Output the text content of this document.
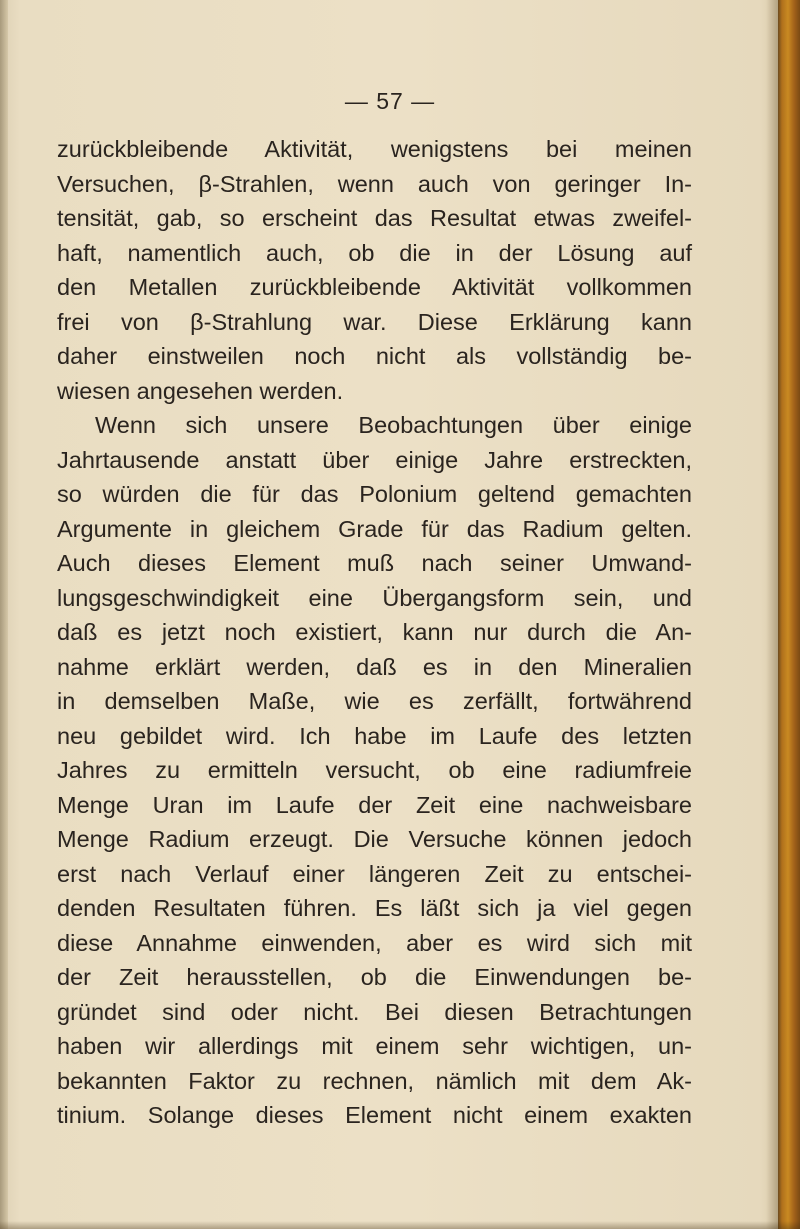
— 57 —
zurückbleibende Aktivität, wenigstens bei meinen
Versuchen, β-Strahlen, wenn auch von geringer In-
tensität, gab, so erscheint das Resultat etwas zweifel-
haft, namentlich auch, ob die in der Lösung auf
den Metallen zurückbleibende Aktivität vollkommen
frei von β-Strahlung war. Diese Erklärung kann
daher einstweilen noch nicht als vollständig be-
wiesen angesehen werden.
Wenn sich unsere Beobachtungen über einige
Jahrtausende anstatt über einige Jahre erstreckten,
so würden die für das Polonium geltend gemachten
Argumente in gleichem Grade für das Radium gelten.
Auch dieses Element muß nach seiner Umwand-
lungsgeschwindigkeit eine Übergangsform sein, und
daß es jetzt noch existiert, kann nur durch die An-
nahme erklärt werden, daß es in den Mineralien
in demselben Maße, wie es zerfällt, fortwährend
neu gebildet wird. Ich habe im Laufe des letzten
Jahres zu ermitteln versucht, ob eine radiumfreie
Menge Uran im Laufe der Zeit eine nachweisbare
Menge Radium erzeugt. Die Versuche können jedoch
erst nach Verlauf einer längeren Zeit zu entschei-
denden Resultaten führen. Es läßt sich ja viel gegen
diese Annahme einwenden, aber es wird sich mit
der Zeit herausstellen, ob die Einwendungen be-
gründet sind oder nicht. Bei diesen Betrachtungen
haben wir allerdings mit einem sehr wichtigen, un-
bekannten Faktor zu rechnen, nämlich mit dem Ak-
tinium. Solange dieses Element nicht einem exakten
